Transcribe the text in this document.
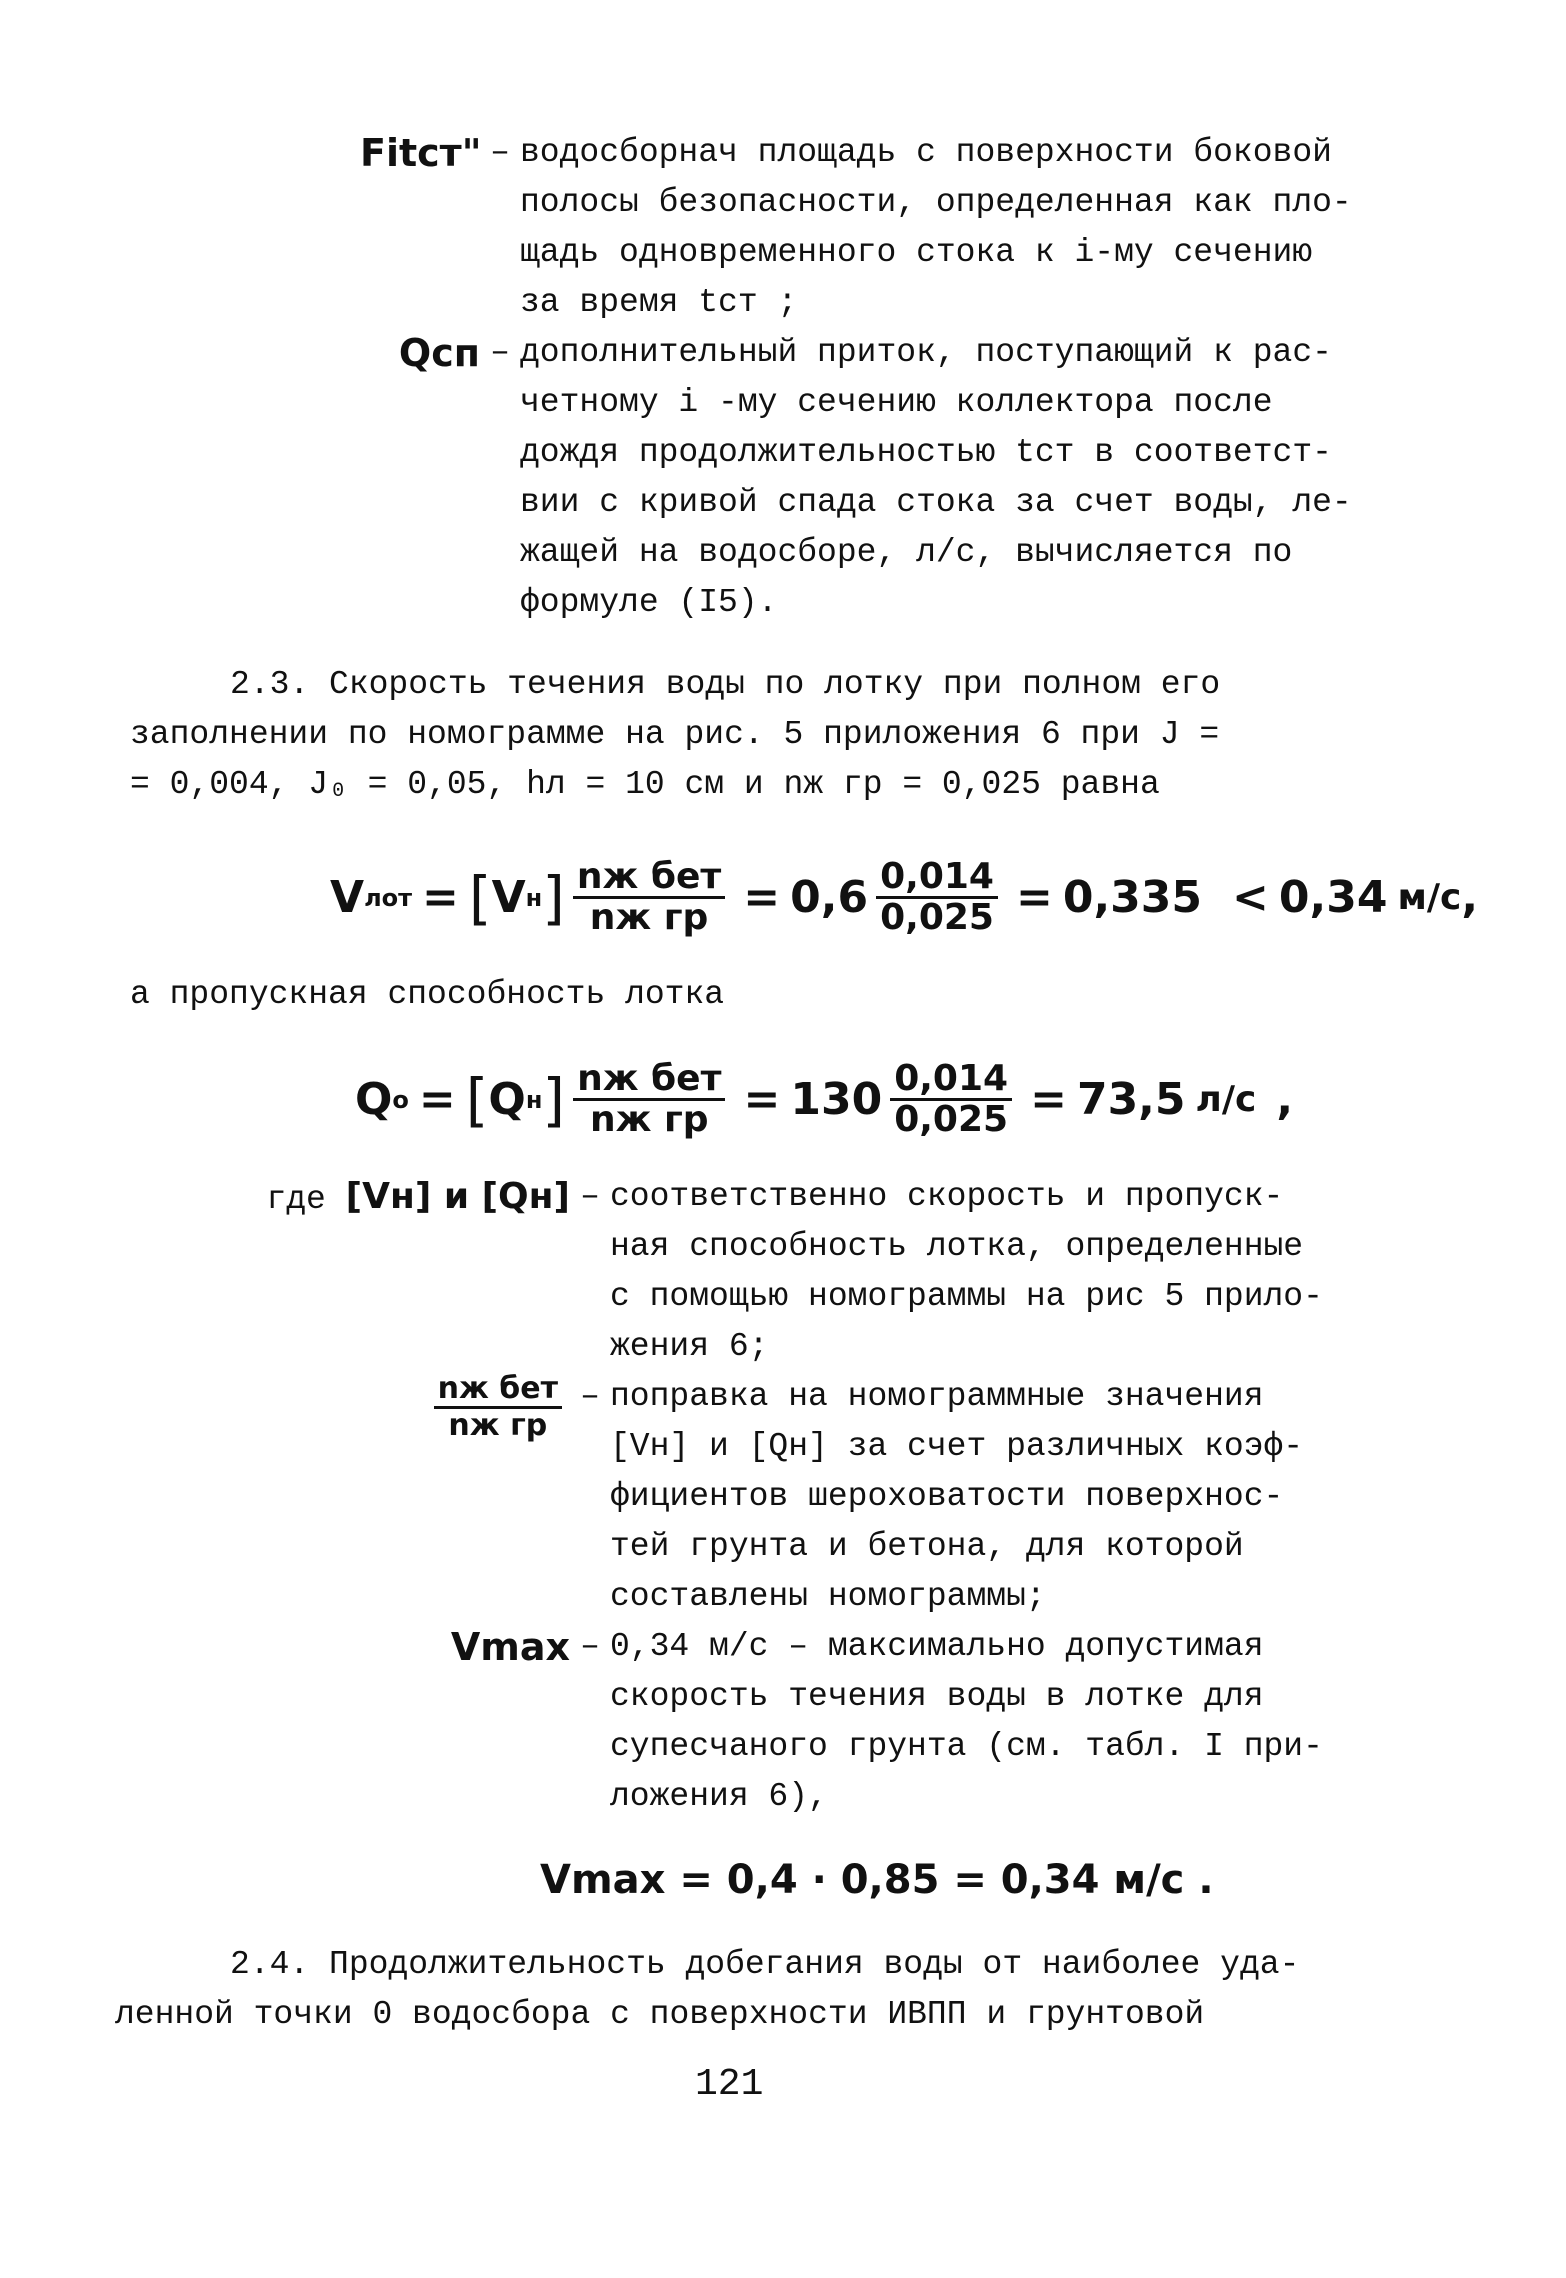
Fitст" – водосборнач площадь с поверхности боковой
полосы безопасности, определенная как пло-
щадь одновременного стока к i-му сечению
за время tст ;
Qсп – дополнительный приток, поступающий к рас-
четному i -му сечению коллектора после
дождя продолжительностью tст в соответст-
вии с кривой спада стока за счет воды, ле-
жащей на водосборе, л/с, вычисляется по
формуле (I5).
2.3. Скорость течения воды по лотку при полном его
заполнении по номограмме на рис. 5 приложения 6 при J =
= 0,004, J₀ = 0,05, hл = 10 см и nж гр = 0,025 равна
V лот = [ V н ] $\frac{\text{nж бет}}{\text{nж гр}} = 0,6 \frac{0,014}{0,025} = 0,335 < 0,34$ м/с ,
а пропускная способность лотка
Q о = [ Q н ] $\frac{\text{nж бет}}{\text{nж гр}} = 130 \frac{0,014}{0,025} = 73,5$ л/с ,
где [Vн] и [Qн] – соответственно скорость и пропуск-
ная способность лотка, определенные
с помощью номограммы на рис 5 прило-
жения 6;
$\frac{\text{nж бет}}{\text{nж гр}}$ – поправка на номограммные значения
[Vн] и [Qн] за счет различных коэф-
фициентов шероховатости поверхнос-
тей грунта и бетона, для которой
составлены номограммы;
Vmax – 0,34 м/с – максимально допустимая
скорость течения воды в лотке для
супесчаного грунта (см. табл. I при-
ложения 6),
Vmax = 0,4 · 0,85 = 0,34 м/с .
2.4. Продолжительность добегания воды от наиболее уда-
ленной точки 0 водосбора с поверхности ИВПП и грунтовой
121
